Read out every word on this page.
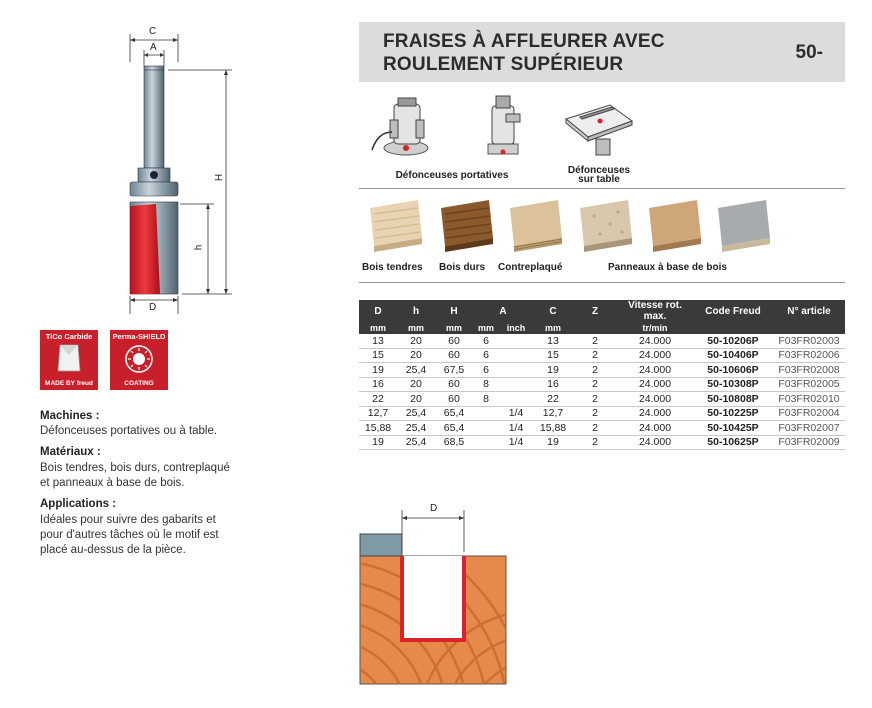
C
A
H
h
D
TiCo Carbide
MADE BY freud
Perma-SHIELD
COATING
Machines :
Défonceuses portatives ou à table.
Matériaux :
Bois tendres, bois durs, contreplaqué
et panneaux à base de bois.
Applications :
Idéales pour suivre des gabarits et
pour d'autres tâches où le motif est
placé au-dessus de la pièce.
FRAISES À AFFLEURER AVEC
ROULEMENT SUPÉRIEUR
50-
Défonceuses portatives	Défonceuses
sur table
Bois tendres Bois durs Contreplaqué	Panneaux à base de bois
D	h	H	A		C	Z	Vitesse rot. max.	Code Freud	N° article
mm	mm	mm	mm	inch	mm		tr/min		
13	20	60	6		13	2	24.000	50-10206P	F03FR02003
15	20	60	6		15	2	24.000	50-10406P	F03FR02006
19	25,4	67,5	6		19	2	24.000	50-10606P	F03FR02008
16	20	60	8		16	2	24.000	50-10308P	F03FR02005
22	20	60	8		22	2	24.000	50-10808P	F03FR02010
12,7	25,4	65,4		1/4	12,7	2	24.000	50-10225P	F03FR02004
15,88	25,4	65,4		1/4	15,88	2	24.000	50-10425P	F03FR02007
19	25,4	68,5		1/4	19	2	24.000	50-10625P	F03FR02009
D
